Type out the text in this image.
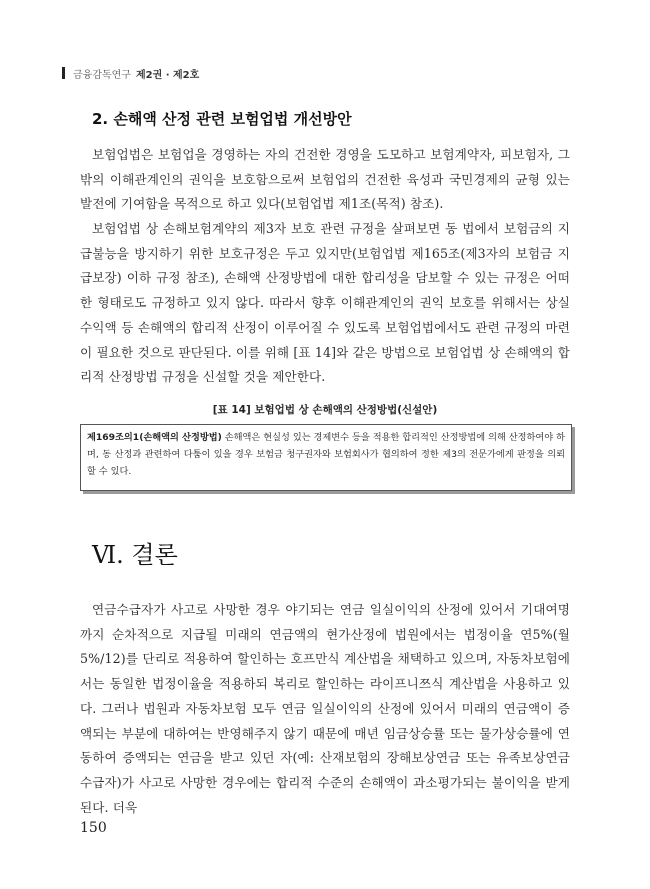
금융감독연구 제2권 · 제2호
2. 손해액 산정 관련 보험업법 개선방안

보험업법은 보험업을 경영하는 자의 건전한 경영을 도모하고 보험계약자, 피보험자, 그 밖의 이해관계인의 권익을 보호함으로써 보험업의 건전한 육성과 국민경제의 균형 있는 발전에 기여함을 목적으로 하고 있다(보험업법 제1조(목적) 참조).

보험업법 상 손해보험계약의 제3자 보호 관련 규정을 살펴보면 동 법에서 보험금의 지급불능을 방지하기 위한 보호규정은 두고 있지만(보험업법 제165조(제3자의 보험금 지급보장) 이하 규정 참조), 손해액 산정방법에 대한 합리성을 담보할 수 있는 규정은 어떠한 형태로도 규정하고 있지 않다. 따라서 향후 이해관계인의 권익 보호를 위해서는 상실수익액 등 손해액의 합리적 산정이 이루어질 수 있도록 보험업법에서도 관련 규정의 마련이 필요한 것으로 판단된다. 이를 위해 [표 14]와 같은 방법으로 보험업법 상 손해액의 합리적 산정방법 규정을 신설할 것을 제안한다.

[표 14] 보험업법 상 손해액의 산정방법(신설안)
제169조의1(손해액의 산정방법) 손해액은 현실성 있는 경제변수 등을 적용한 합리적인 산정방법에 의해 산정하여야 하며, 동 산정과 관련하여 다툼이 있을 경우 보험금 청구권자와 보험회사가 협의하여 정한 제3의 전문가에게 판정을 의뢰할 수 있다.
Ⅵ. 결론

연금수급자가 사고로 사망한 경우 야기되는 연금 일실이익의 산정에 있어서 기대여명까지 순차적으로 지급될 미래의 연금액의 현가산정에 법원에서는 법정이율 연5%(월 5%/12)를 단리로 적용하여 할인하는 호프만식 계산법을 채택하고 있으며, 자동차보험에서는 동일한 법정이율을 적용하되 복리로 할인하는 라이프니쯔식 계산법을 사용하고 있다. 그러나 법원과 자동차보험 모두 연금 일실이익의 산정에 있어서 미래의 연금액이 증액되는 부분에 대하여는 반영해주지 않기 때문에 매년 임금상승률 또는 물가상승률에 연동하여 증액되는 연금을 받고 있던 자(예: 산재보험의 장해보상연금 또는 유족보상연금 수급자)가 사고로 사망한 경우에는 합리적 수준의 손해액이 과소평가되는 불이익을 받게 된다. 더욱

150
